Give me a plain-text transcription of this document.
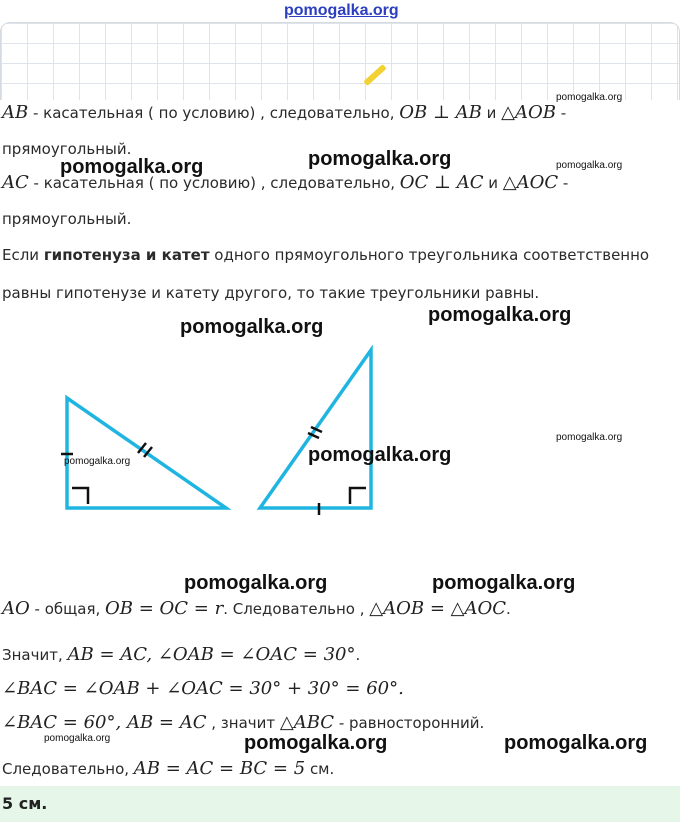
pomogalka.org
AB - касательная ( по условию) , следовательно, OB ⊥ AB и △AOB -
прямоугольный.
AC - касательная ( по условию) , следовательно, OC ⊥ AC и △AOC -
прямоугольный.
Если гипотенуза и катет одного прямоугольного треугольника соответственно
равны гипотенузе и катету другого, то такие треугольники равны.
AO - общая, OB = OC = r. Следовательно , △AOB = △AOC.
Значит, AB = AC, ∠OAB = ∠OAC = 30°.
∠BAC = ∠OAB + ∠OAC = 30° + 30° = 60°.
∠BAC = 60°, AB = AC , значит △ABC - равносторонний.
Следовательно, AB = AC = BC = 5 см.
5 см.
pomogalka.org
pomogalka.org	pomogalka.org	pomogalka.org
pomogalka.org
pomogalka.org
pomogalka.org
pomogalka.org	pomogalka.org
pomogalka.org	pomogalka.org
pomogalka.org	pomogalka.org	pomogalka.org
